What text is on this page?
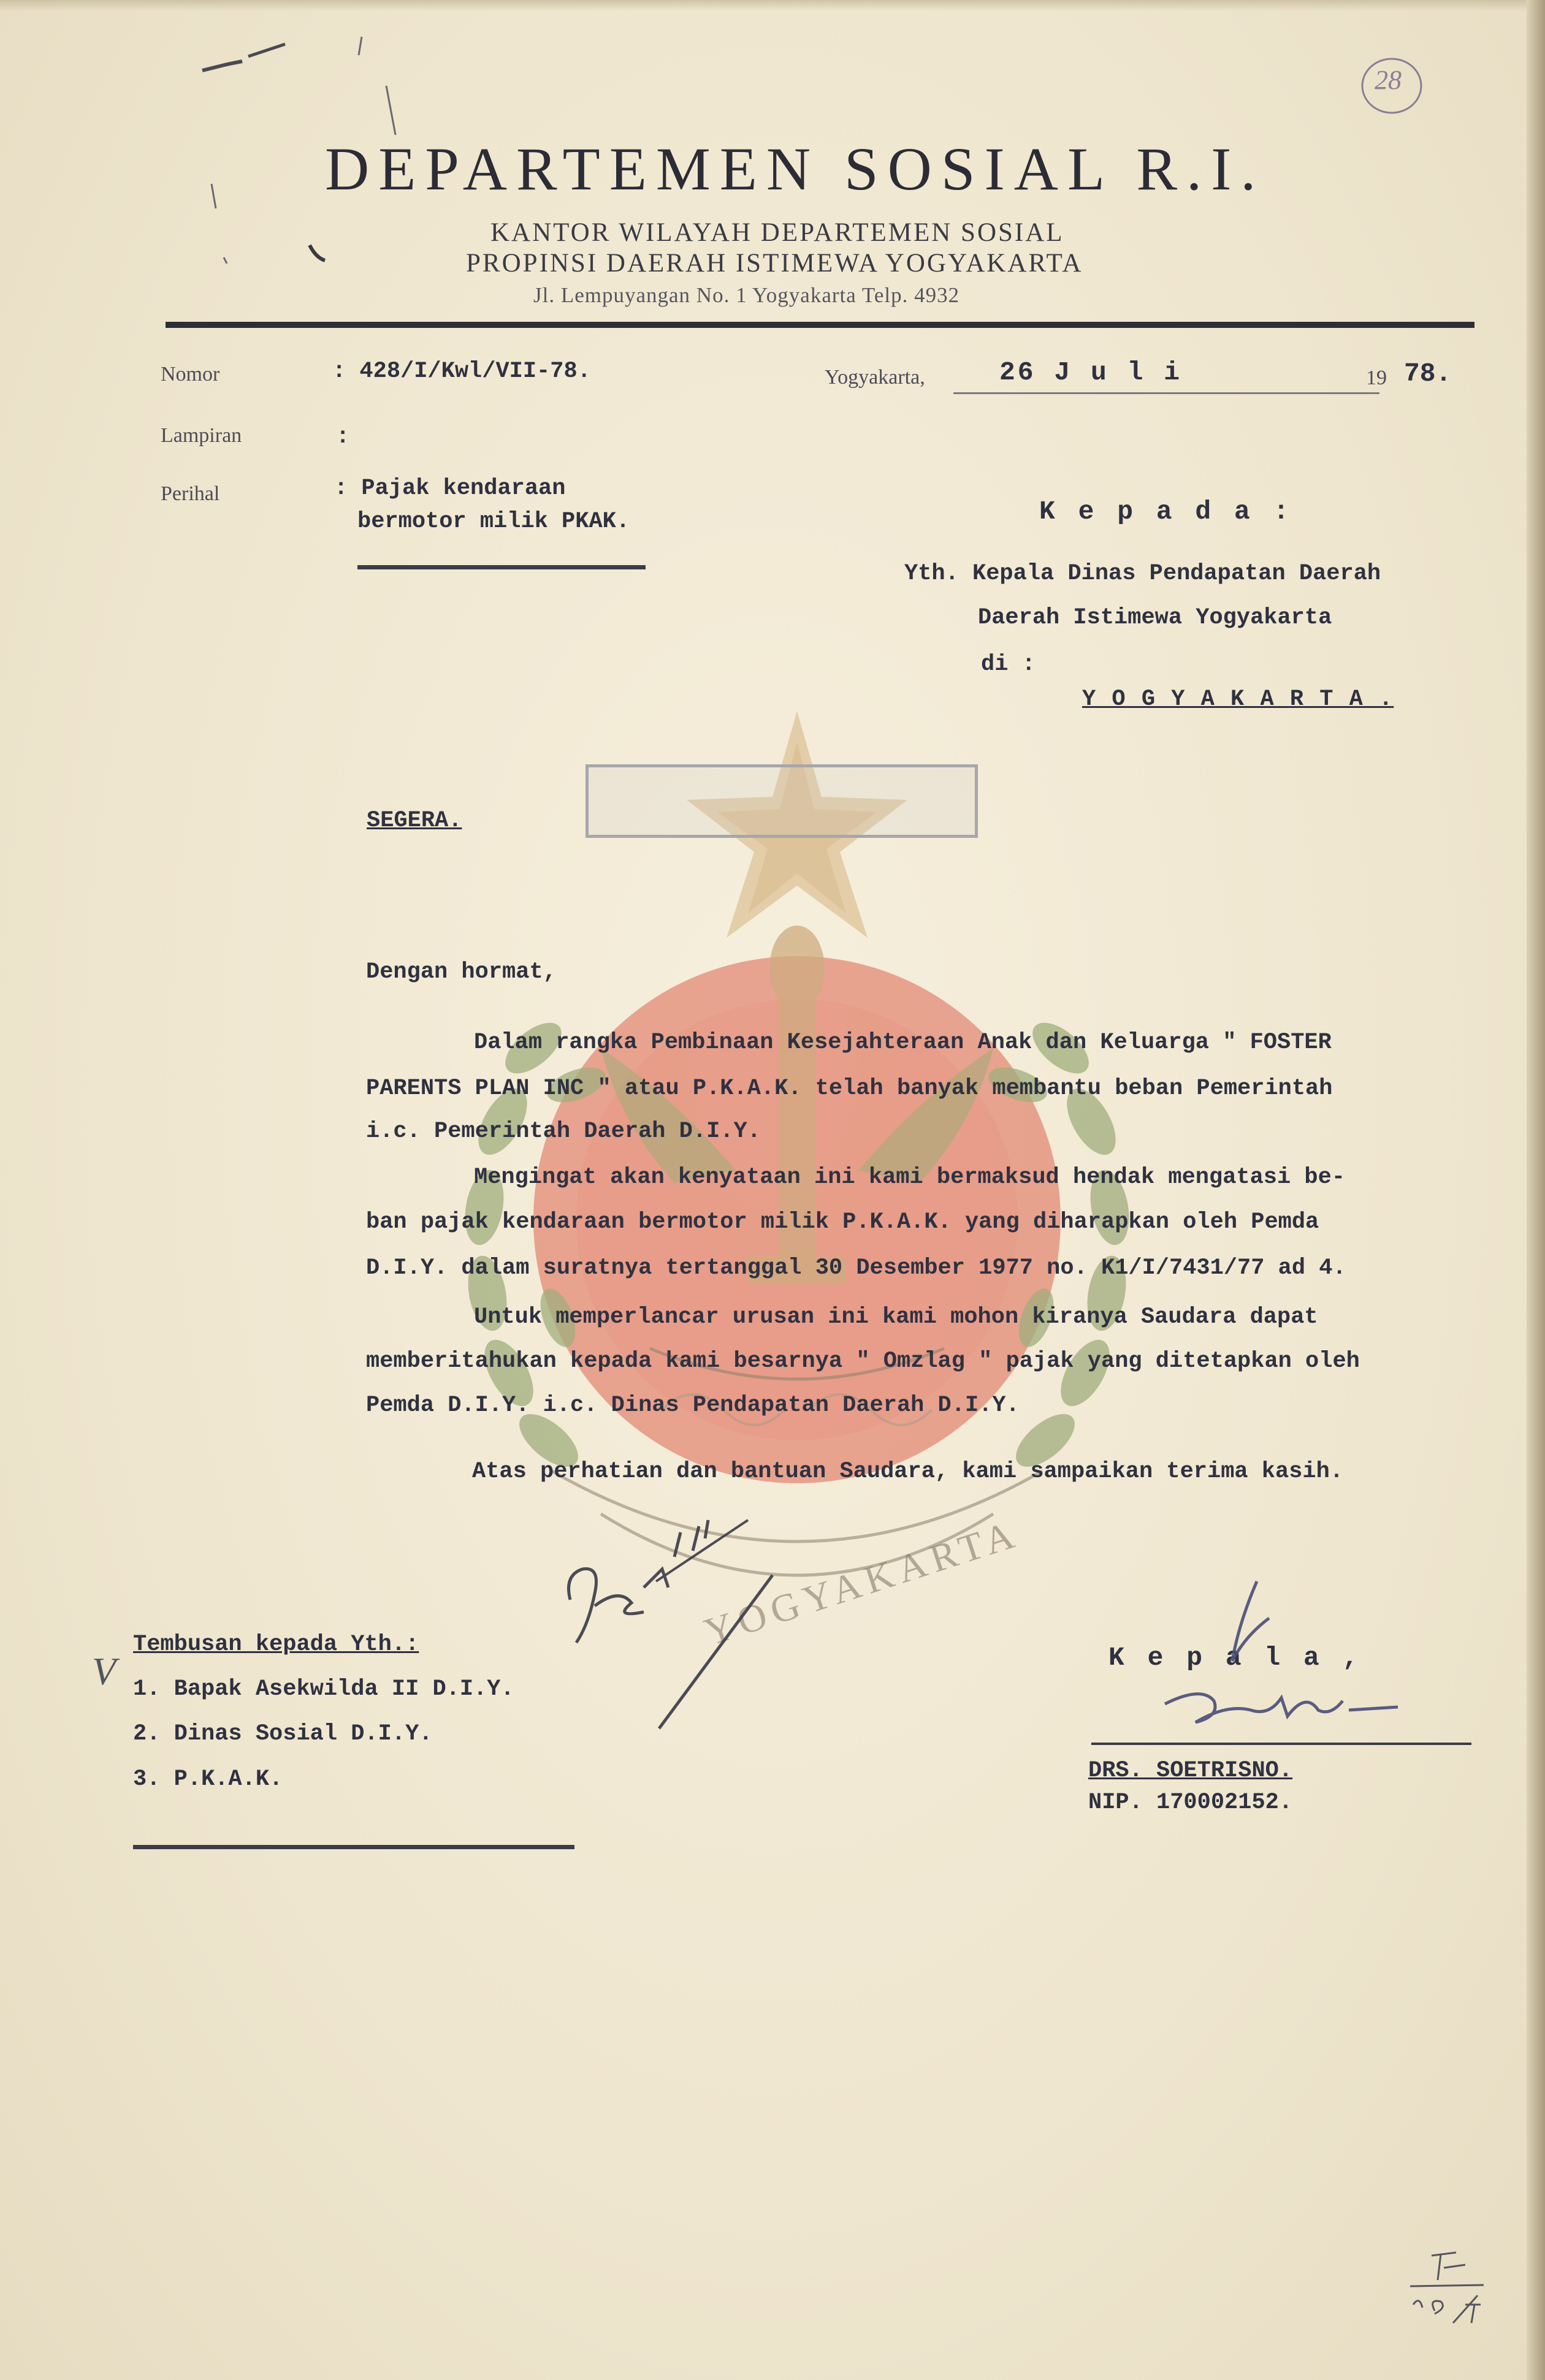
28
DEPARTEMEN SOSIAL R.I.
KANTOR WILAYAH DEPARTEMEN SOSIAL
PROPINSI DAERAH ISTIMEWA YOGYAKARTA
Jl. Lempuyangan No. 1 Yogyakarta Telp. 4932
YOGYAKARTA
Nomor	: 428/I/Kwl/VII-78.
Lampiran	:
Perihal	: Pajak kendaraan
bermotor milik PKAK.
Yogyakarta,	26 J u l i	19 78.
K e p a d a :
Yth. Kepala Dinas Pendapatan Daerah
Daerah Istimewa Yogyakarta
di :
Y O G Y A K A R T A .
SEGERA.
Dengan hormat,
Dalam rangka Pembinaan Kesejahteraan Anak dan Keluarga " FOSTER
PARENTS PLAN INC " atau P.K.A.K. telah banyak membantu beban Pemerintah
i.c. Pemerintah Daerah D.I.Y.
Mengingat akan kenyataan ini kami bermaksud hendak mengatasi be-
ban pajak kendaraan bermotor milik P.K.A.K. yang diharapkan oleh Pemda
D.I.Y. dalam suratnya tertanggal 30 Desember 1977 no. K1/I/7431/77 ad 4.
Untuk memperlancar urusan ini kami mohon kiranya Saudara dapat
memberitahukan kepada kami besarnya " Omzlag " pajak yang ditetapkan oleh
Pemda D.I.Y. i.c. Dinas Pendapatan Daerah D.I.Y.
Atas perhatian dan bantuan Saudara, kami sampaikan terima kasih.
V
Tembusan kepada Yth.:
1. Bapak Asekwilda II D.I.Y.
2. Dinas Sosial D.I.Y.
3. P.K.A.K.
K e p a l a ,
DRS. SOETRISNO.
NIP. 170002152.
